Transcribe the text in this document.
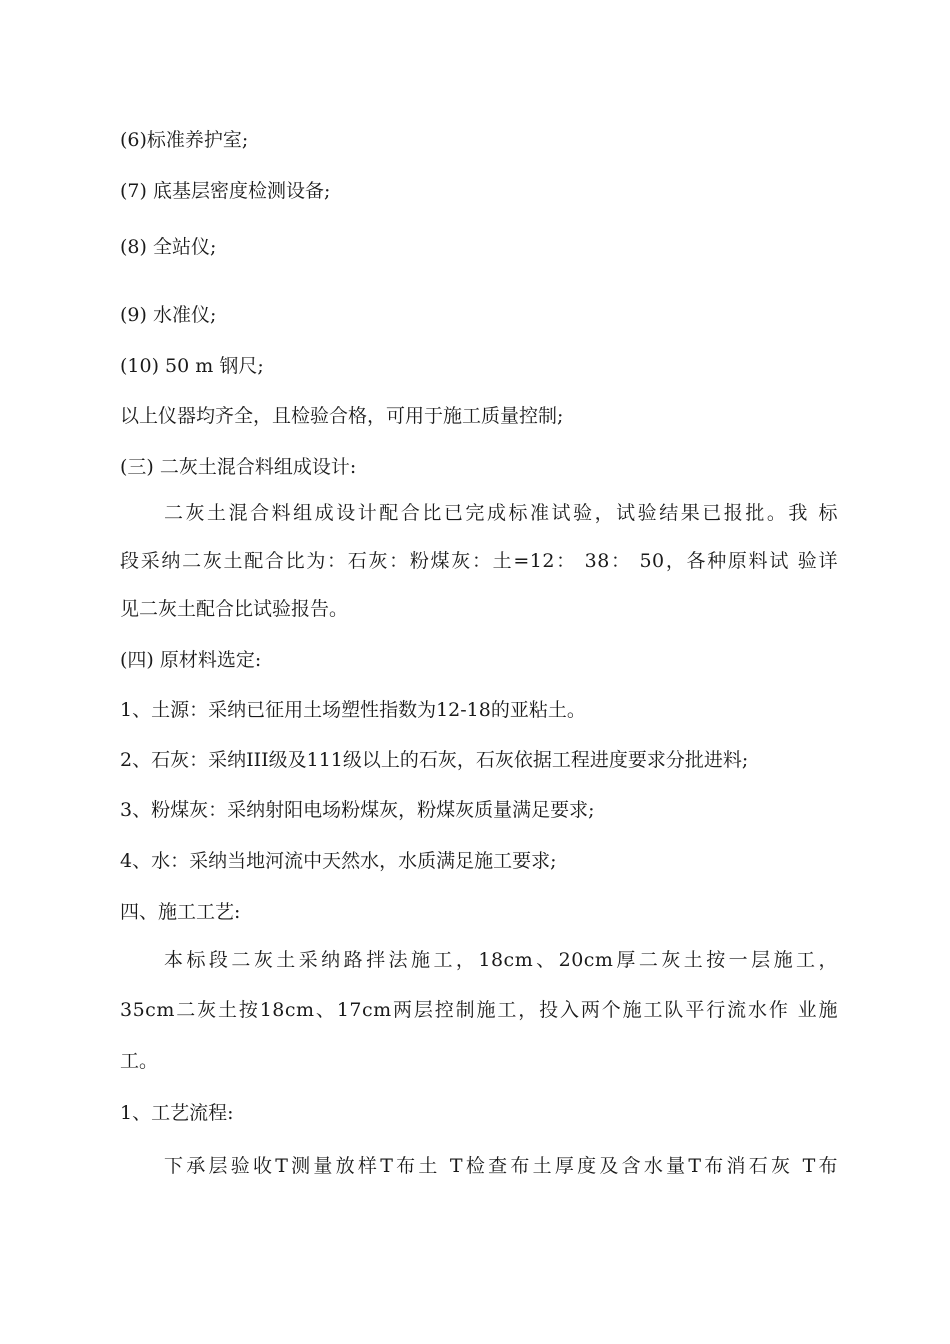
(6)标准养护室;
(7) 底基层密度检测设备;
(8) 全站仪;
(9) 水准仪;
(10) 50 m 钢尺;
以上仪器均齐全，且检验合格，可用于施工质量控制;
(三) 二灰土混合料组成设计:
二灰土混合料组成设计配合比已完成标准试验，试验结果已报批。我 标
段采纳二灰土配合比为：石灰：粉煤灰：土=12： 38： 50，各种原料试 验详
见二灰土配合比试验报告。
(四) 原材料选定:
1、土源：采纳已征用土场塑性指数为12-18的亚粘土。
2、石灰：采纳III级及111级以上的石灰，石灰依据工程进度要求分批进料;
3、粉煤灰：采纳射阳电场粉煤灰，粉煤灰质量满足要求;
4、水：采纳当地河流中天然水，水质满足施工要求;
四、施工工艺:
本标段二灰土采纳路拌法施工，18cm、20cm厚二灰土按一层施工，
35cm二灰土按18cm、17cm两层控制施工，投入两个施工队平行流水作 业施
工。
1、工艺流程:
下承层验收T测量放样T布土 T检查布土厚度及含水量T布消石灰 T布
